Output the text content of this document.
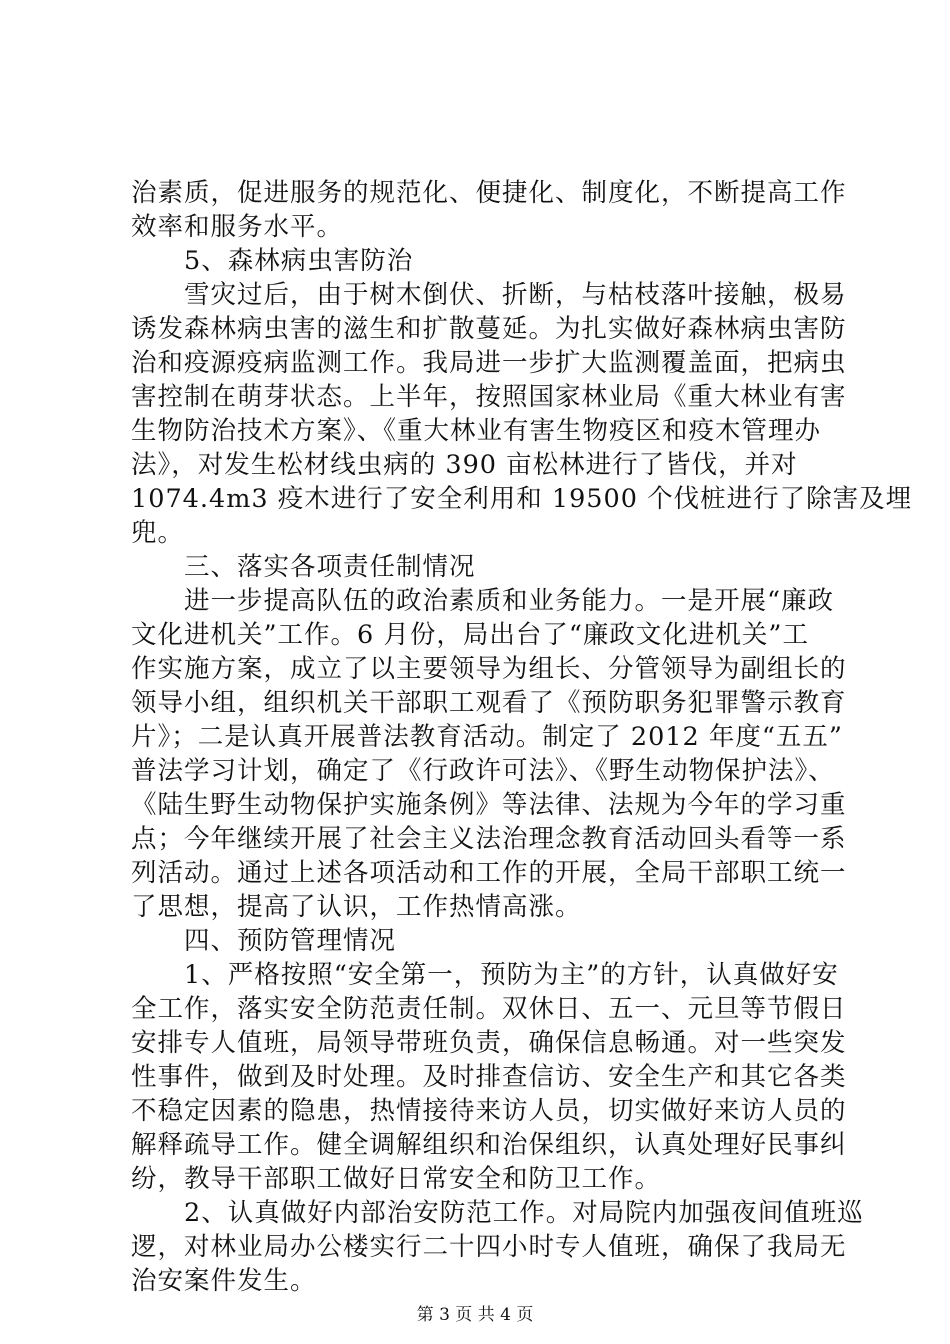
治素质，促进服务的规范化、便捷化、制度化，不断提高工作
效率和服务水平。
　　5、森林病虫害防治
　　雪灾过后，由于树木倒伏、折断，与枯枝落叶接触，极易
诱发森林病虫害的滋生和扩散蔓延。为扎实做好森林病虫害防
治和疫源疫病监测工作。我局进一步扩大监测覆盖面，把病虫
害控制在萌芽状态。上半年，按照国家林业局《重大林业有害
生物防治技术方案》、《重大林业有害生物疫区和疫木管理办
法》，对发生松材线虫病的 390 亩松林进行了皆伐，并对
1074.4m3 疫木进行了安全利用和 19500 个伐桩进行了除害及埋
兜。
　　三、落实各项责任制情况
　　进一步提高队伍的政治素质和业务能力。一是开展“廉政
文化进机关”工作。6 月份，局出台了“廉政文化进机关”工
作实施方案，成立了以主要领导为组长、分管领导为副组长的
领导小组，组织机关干部职工观看了《预防职务犯罪警示教育
片》；二是认真开展普法教育活动。制定了 2012 年度“五五”
普法学习计划，确定了《行政许可法》、《野生动物保护法》、
《陆生野生动物保护实施条例》等法律、法规为今年的学习重
点；今年继续开展了社会主义法治理念教育活动回头看等一系
列活动。通过上述各项活动和工作的开展，全局干部职工统一
了思想，提高了认识，工作热情高涨。
　　四、预防管理情况
　　1、严格按照“安全第一，预防为主”的方针，认真做好安
全工作，落实安全防范责任制。双休日、五一、元旦等节假日
安排专人值班，局领导带班负责，确保信息畅通。对一些突发
性事件，做到及时处理。及时排查信访、安全生产和其它各类
不稳定因素的隐患，热情接待来访人员，切实做好来访人员的
解释疏导工作。健全调解组织和治保组织，认真处理好民事纠
纷，教导干部职工做好日常安全和防卫工作。
　　2、认真做好内部治安防范工作。对局院内加强夜间值班巡
逻，对林业局办公楼实行二十四小时专人值班，确保了我局无
治安案件发生。
第 3 页 共 4 页
